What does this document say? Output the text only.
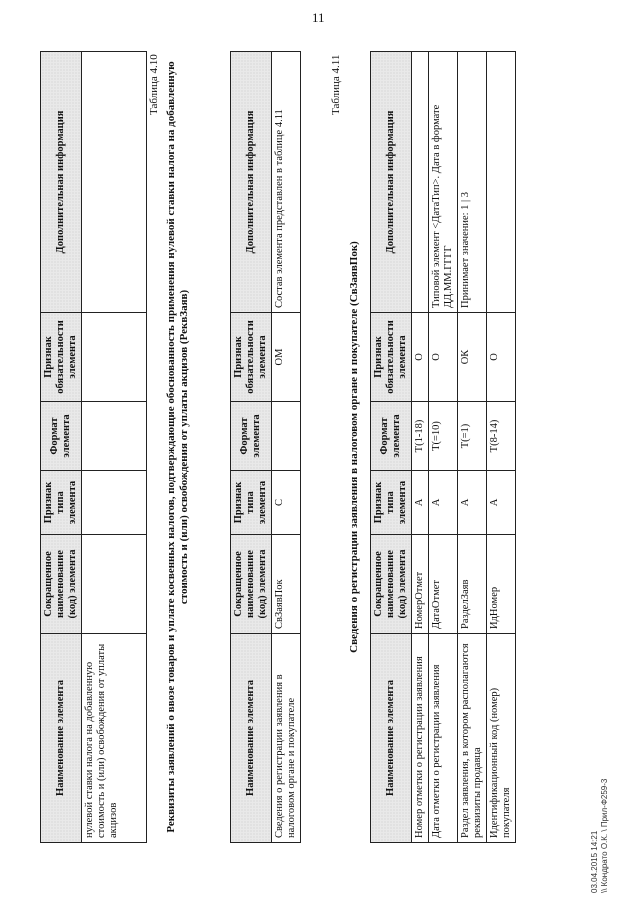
Наименование элемента	Сокращенное наименование (код) элемента	Признак типа элемента	Формат элемента	Признак обязательности элемента	Дополнительная информация
нулевой ставки налога на добавленную стоимость и (или) освобождения от уплаты акцизов					
Таблица 4.10 Реквизиты заявлений о ввозе товаров и уплате косвенных налогов, подтверждающие обоснованность применения нулевой ставки налога на добавленную стоимость и (или) освобождения от уплаты акцизов (РеквЗаяв)
Наименование элемента	Сокращенное наименование (код) элемента	Признак типа элемента	Формат элемента	Признак обязательности элемента	Дополнительная информация
Сведения о регистрации заявления в налоговом органе и покупателе	СвЗаявПок	С		ОМ	Состав элемента представлен в таблице 4.11
Таблица 4.11
Сведения о регистрации заявления в налоговом органе и покупателе (СвЗаявПок)
Наименование элемента	Сокращенное наименование (код) элемента	Признак типа элемента	Формат элемента	Признак обязательности элемента	Дополнительная информация
Номер отметки о регистрации заявления	НомерОтмет	А	T(1-18)	О	
Дата отметки о регистрации заявления	ДатаОтмет	А	T(=10)	О	Типовой элемент <ДатаТип>. Дата в формате ДД.ММ.ГГГГ
Раздел заявления, в котором располагаются реквизиты продавца	РазделЗаяв	А	T(=1)	ОК	Принимает значение: 1 | 3
Идентификационный код (номер) покупателя	ИдНомер	А	T(8-14)	О	
03.04.2015 14:21 \\ Кондрато О.К. \ Прил-Ф259-3
11
